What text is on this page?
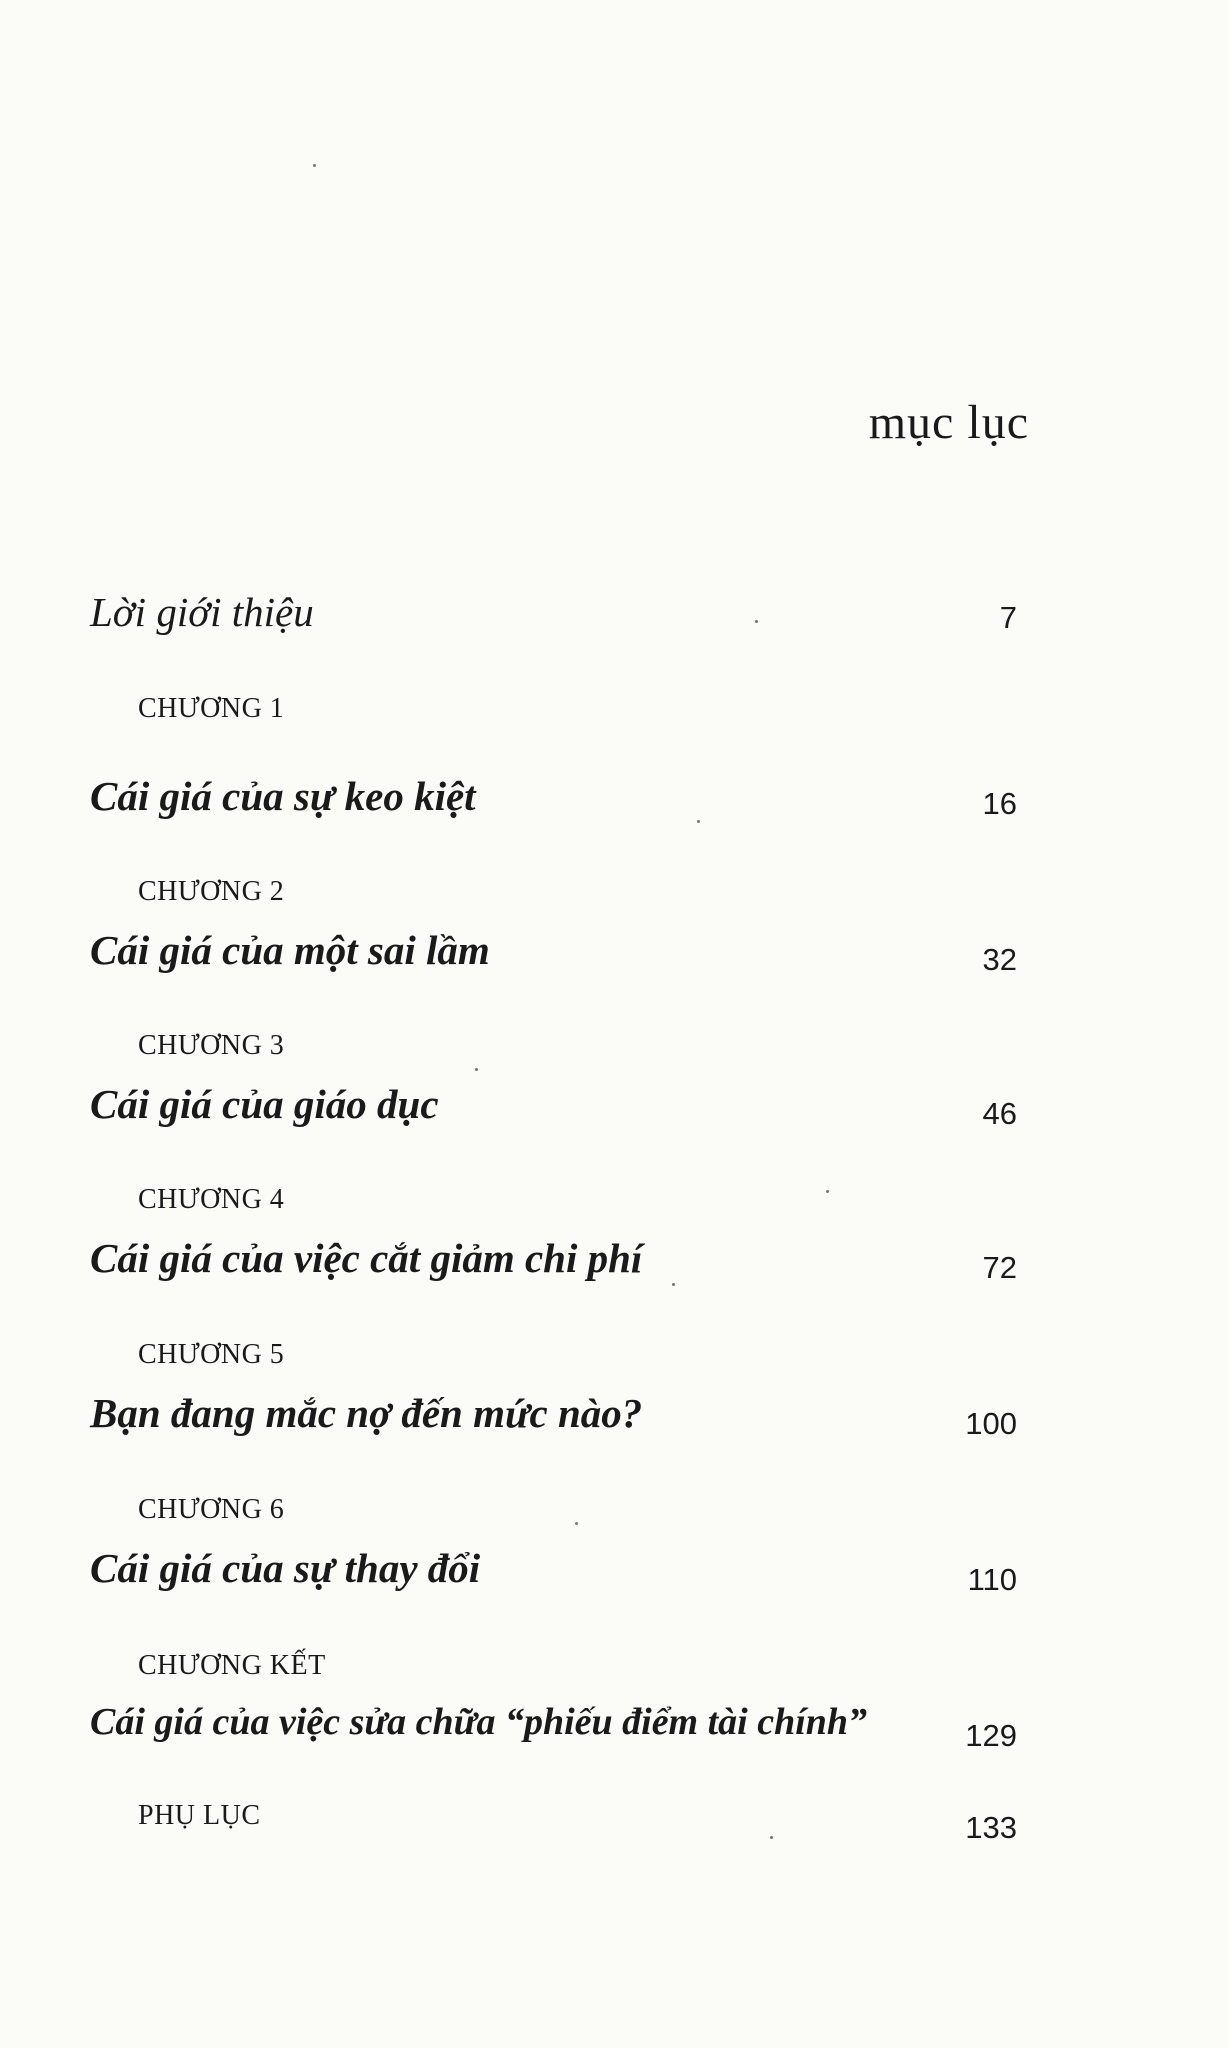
mục lục
Lời giới thiệu	7
CHƯƠNG 1
Cái giá của sự keo kiệt	16
CHƯƠNG 2
Cái giá của một sai lầm	32
CHƯƠNG 3
Cái giá của giáo dục	46
CHƯƠNG 4
Cái giá của việc cắt giảm chi phí	72
CHƯƠNG 5
Bạn đang mắc nợ đến mức nào?	100
CHƯƠNG 6
Cái giá của sự thay đổi	110
CHƯƠNG KẾT
Cái giá của việc sửa chữa “phiếu điểm tài chính”	129
PHỤ LỤC	133
